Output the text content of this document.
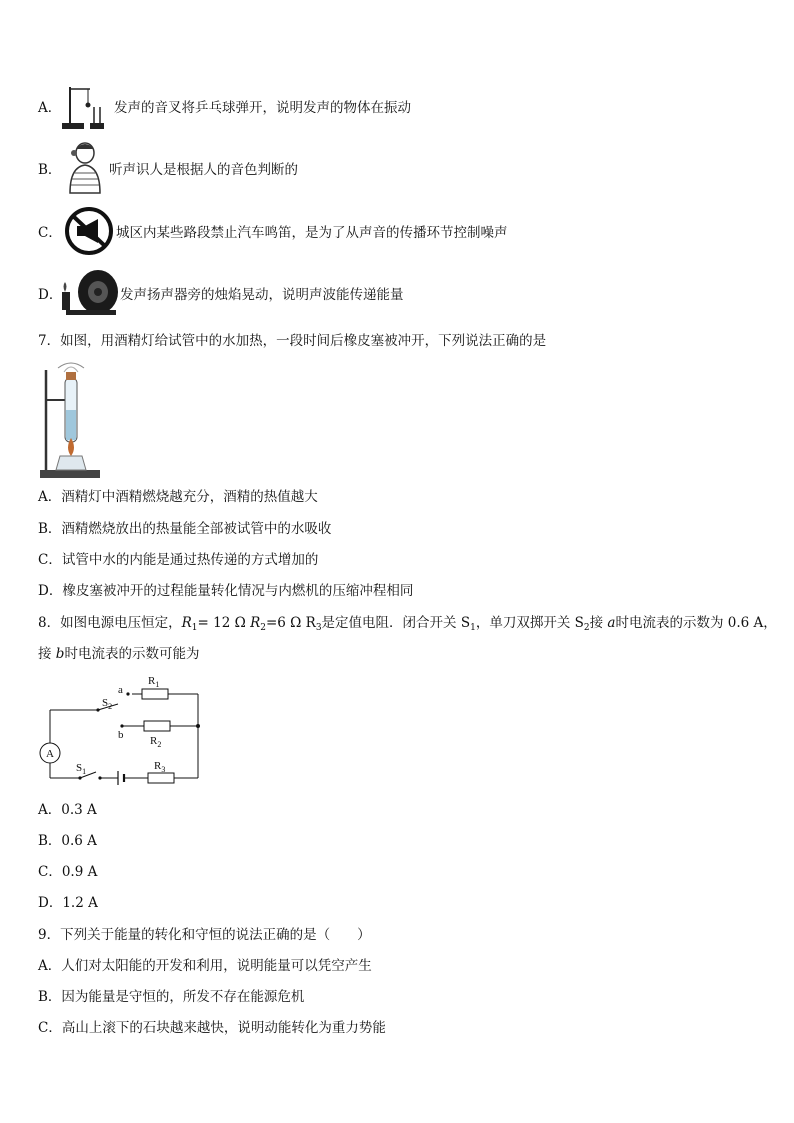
A．	发声的音叉将乒乓球弹开，说明发声的物体在振动
B．	听声识人是根据人的音色判断的
C．	城区内某些路段禁止汽车鸣笛，是为了从声音的传播环节控制噪声
D．	发声扬声器旁的烛焰晃动，说明声波能传递能量
7．如图，用酒精灯给试管中的水加热，一段时间后橡皮塞被冲开，下列说法正确的是
A．酒精灯中酒精燃烧越充分，酒精的热值越大
B．酒精燃烧放出的热量能全部被试管中的水吸收
C．试管中水的内能是通过热传递的方式增加的
D．橡皮塞被冲开的过程能量转化情况与内燃机的压缩冲程相同
8．如图电源电压恒定，$R_1= 12$ Ω $R_2=6$ Ω $R_3$是定值电阻．闭合开关 $S_1$，单刀双掷开关 $S_2$接 a时电流表的示数为 0.6 A，
接 b时电流表的示数可能为
a
b
A
$R_1$
$R_2$
$R_3$
$S_1$
$S_2$
A．0.3 A
B．0.6 A
C．0.9 A
D．1.2 A
9．下列关于能量的转化和守恒的说法正确的是（　　）
A．人们对太阳能的开发和利用，说明能量可以凭空产生
B．因为能量是守恒的，所发不存在能源危机
C．高山上滚下的石块越来越快，说明动能转化为重力势能
